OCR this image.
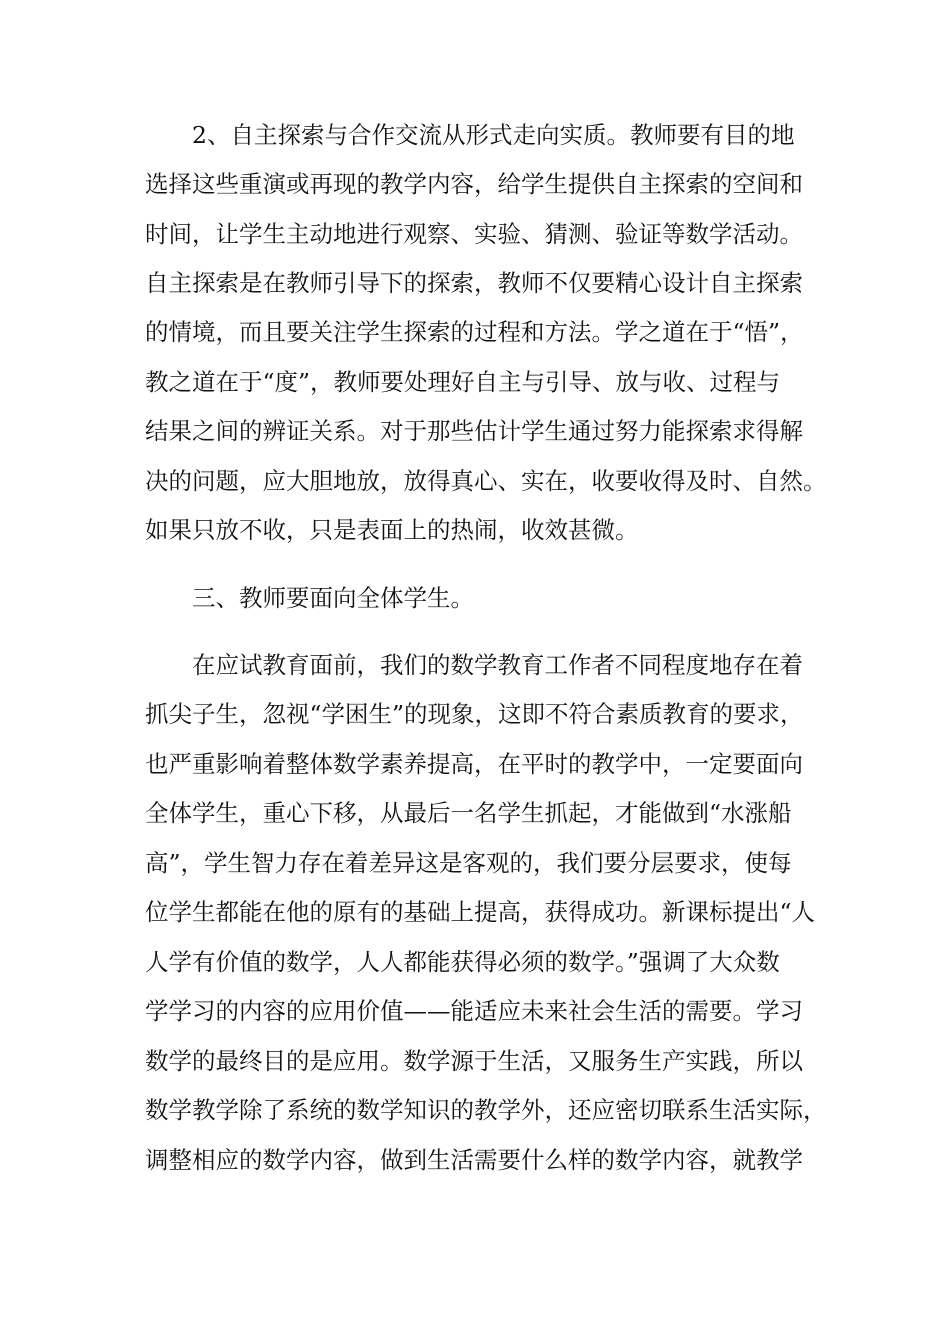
2、自主探索与合作交流从形式走向实质。教师要有目的地
选择这些重演或再现的教学内容，给学生提供自主探索的空间和
时间，让学生主动地进行观察、实验、猜测、验证等数学活动。
自主探索是在教师引导下的探索，教师不仅要精心设计自主探索
的情境，而且要关注学生探索的过程和方法。学之道在于“悟”，
教之道在于“度”，教师要处理好自主与引导、放与收、过程与
结果之间的辨证关系。对于那些估计学生通过努力能探索求得解
决的问题，应大胆地放，放得真心、实在，收要收得及时、自然。
如果只放不收，只是表面上的热闹，收效甚微。
三、教师要面向全体学生。
在应试教育面前，我们的数学教育工作者不同程度地存在着
抓尖子生，忽视“学困生”的现象，这即不符合素质教育的要求，
也严重影响着整体数学素养提高，在平时的教学中，一定要面向
全体学生，重心下移，从最后一名学生抓起，才能做到“水涨船
高”，学生智力存在着差异这是客观的，我们要分层要求，使每
位学生都能在他的原有的基础上提高，获得成功。新课标提出“人
人学有价值的数学，人人都能获得必须的数学。”强调了大众数
学学习的内容的应用价值——能适应未来社会生活的需要。学习
数学的最终目的是应用。数学源于生活，又服务生产实践，所以
数学教学除了系统的数学知识的教学外，还应密切联系生活实际，
调整相应的数学内容，做到生活需要什么样的数学内容，就教学
